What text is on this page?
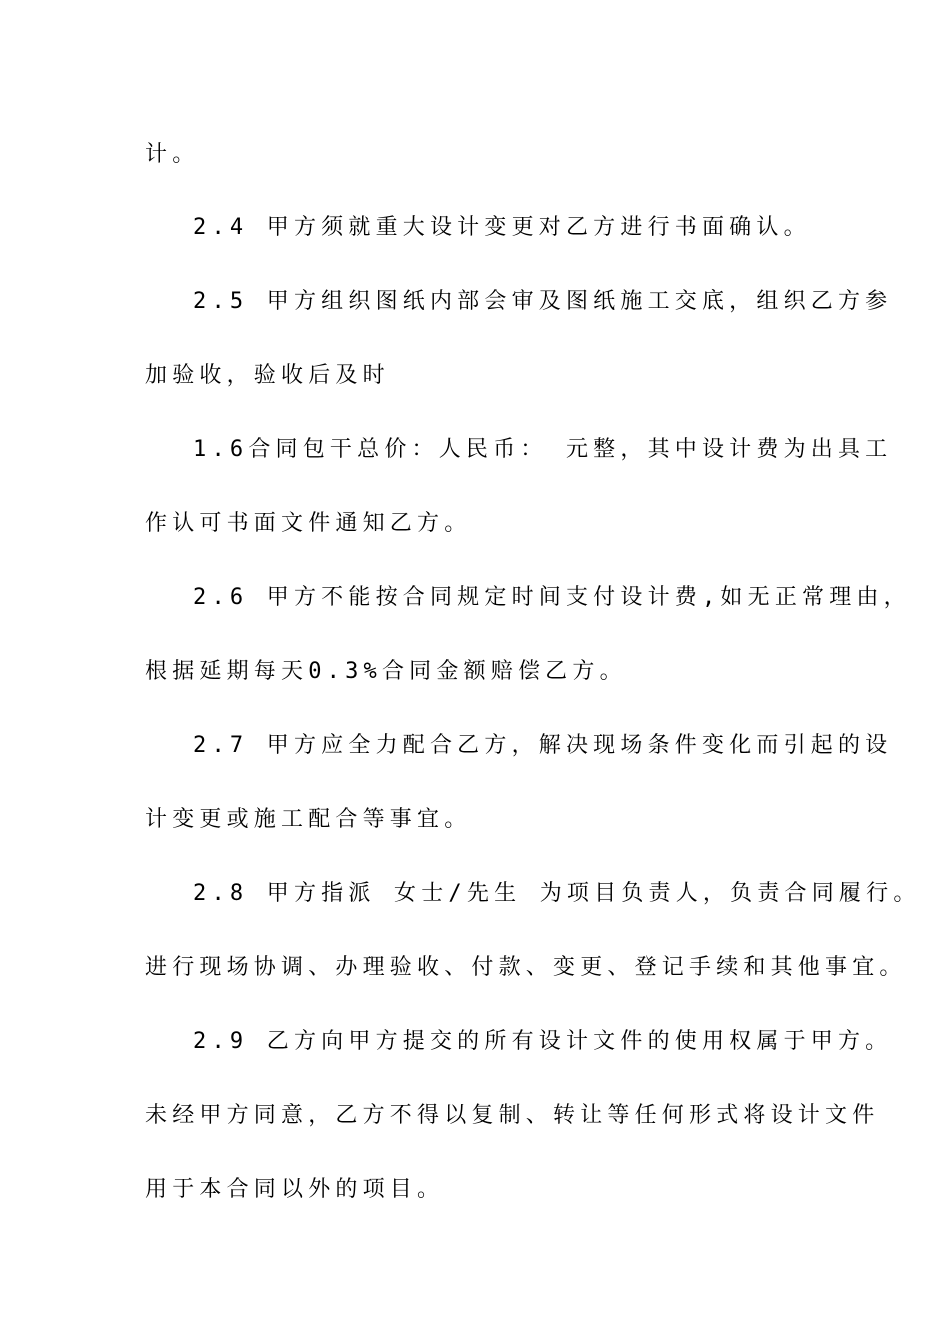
计。
2.4 甲方须就重大设计变更对乙方进行书面确认。
2.5 甲方组织图纸内部会审及图纸施工交底，组织乙方参
加验收，验收后及时
1.6合同包干总价：人民币： 元整，其中设计费为出具工
作认可书面文件通知乙方。
2.6 甲方不能按合同规定时间支付设计费,如无正常理由，
根据延期每天0.3%合同金额赔偿乙方。
2.7 甲方应全力配合乙方，解决现场条件变化而引起的设
计变更或施工配合等事宜。
2.8 甲方指派 女士/先生 为项目负责人，负责合同履行。
进行现场协调、办理验收、付款、变更、登记手续和其他事宜。
2.9 乙方向甲方提交的所有设计文件的使用权属于甲方。
未经甲方同意，乙方不得以复制、转让等任何形式将设计文件
用于本合同以外的项目。
